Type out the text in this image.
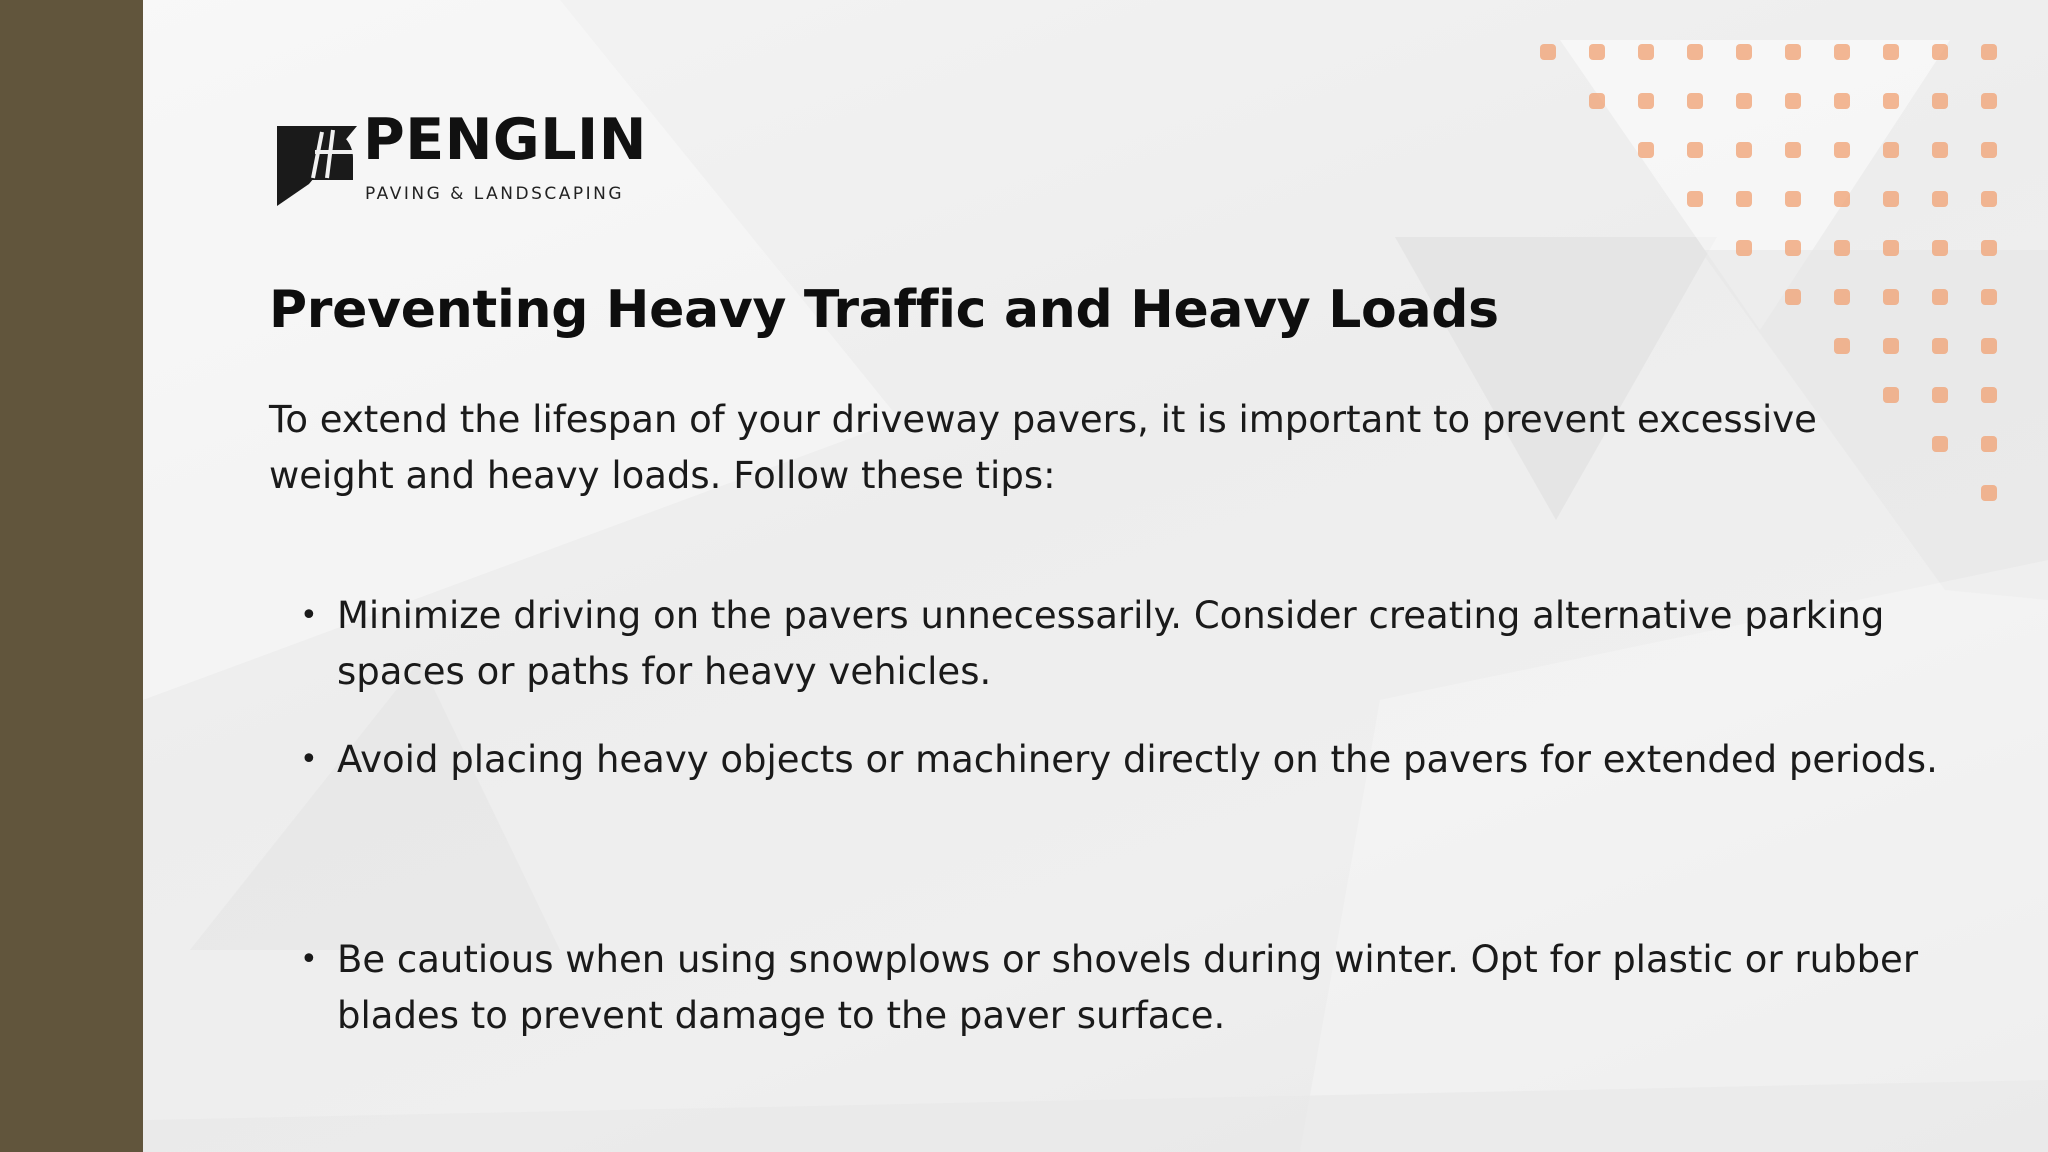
PENGLIN
PAVING & LANDSCAPING
Preventing Heavy Traffic and Heavy Loads

To extend the lifespan of your driveway pavers, it is important to prevent excessive weight and heavy loads. Follow these tips:

• Minimize driving on the pavers unnecessarily. Consider creating alternative parking spaces or paths for heavy vehicles.
• Avoid placing heavy objects or machinery directly on the pavers for extended periods.
• Be cautious when using snowplows or shovels during winter. Opt for plastic or rubber blades to prevent damage to the paver surface.
